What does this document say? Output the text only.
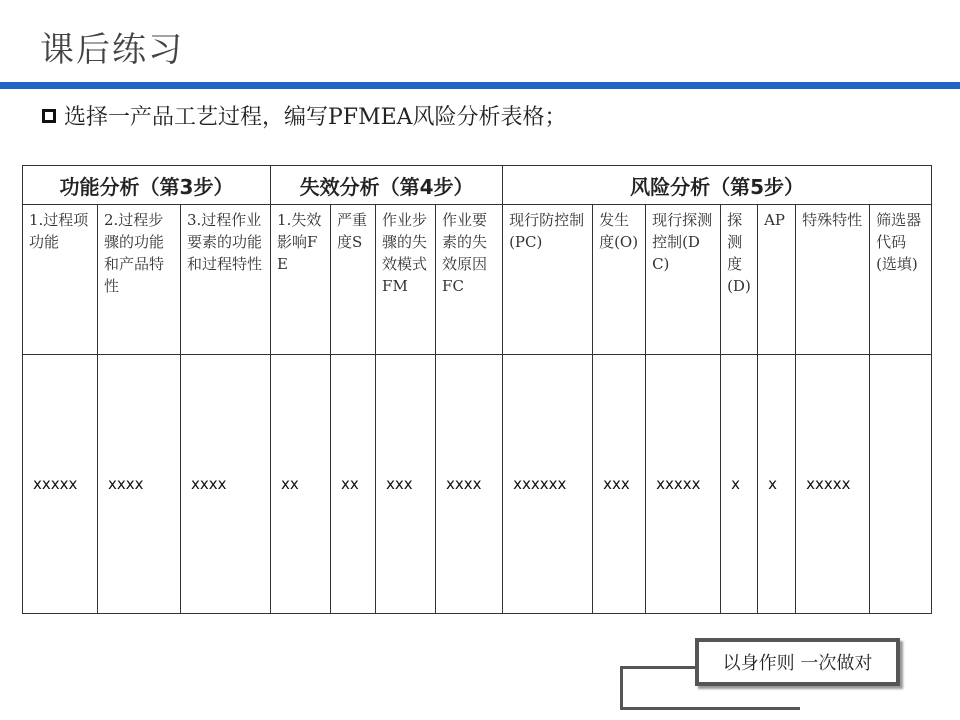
课后练习
选择一产品工艺过程，编写PFMEA风险分析表格；
功能分析（第3步）			失效分析（第4步）				风险分析（第5步）						
1.过程项功能	2.过程步骤的功能和产品特性	3.过程作业要素的功能和过程特性	1.失效影响FE	严重度S	作业步骤的失效模式FM	作业要素的失效原因FC	现行防控制(PC)	发生度(O)	现行探测控制(DC)	探测度(D)	AP	特殊特性	筛选器代码(选填)
xxxxx	xxxx	xxxx	xx	xx	xxx	xxxx	xxxxxx	xxx	xxxxx	x	x	xxxxx	
以身作则 一次做对
